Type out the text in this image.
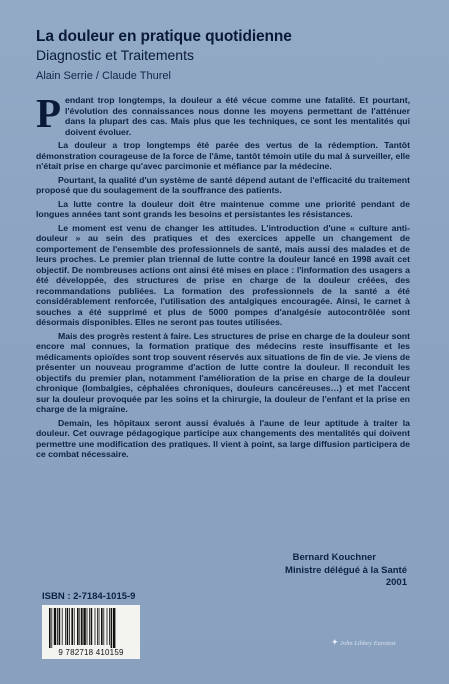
La douleur en pratique quotidienne
Diagnostic et Traitements
Alain Serrie / Claude Thurel

Pendant trop longtemps, la douleur a été vécue comme une fatalité. Et pourtant, l'évolution des connaissances nous donne les moyens permettant de l'atténuer dans la plupart des cas. Mais plus que les techniques, ce sont les mentalités qui doivent évoluer.

La douleur a trop longtemps été parée des vertus de la rédemption. Tantôt démonstration courageuse de la force de l'âme, tantôt témoin utile du mal à surveiller, elle n'était prise en charge qu'avec parcimonie et méfiance par la médecine.

Pourtant, la qualité d'un système de santé dépend autant de l'efficacité du traitement proposé que du soulagement de la souffrance des patients.

La lutte contre la douleur doit être maintenue comme une priorité pendant de longues années tant sont grands les besoins et persistantes les résistances.

Le moment est venu de changer les attitudes. L'introduction d'une « culture anti-douleur » au sein des pratiques et des exercices appelle un changement de comportement de l'ensemble des professionnels de santé, mais aussi des malades et de leurs proches. Le premier plan triennal de lutte contre la douleur lancé en 1998 avait cet objectif. De nombreuses actions ont ainsi été mises en place : l'information des usagers a été développée, des structures de prise en charge de la douleur créées, des recommandations publiées. La formation des professionnels de la santé a été considérablement renforcée, l'utilisation des antalgiques encouragée. Ainsi, le carnet à souches a été supprimé et plus de 5000 pompes d'analgésie autocontrôlée sont désormais disponibles. Elles ne seront pas toutes utilisées.

Mais des progrès restent à faire. Les structures de prise en charge de la douleur sont encore mal connues, la formation pratique des médecins reste insuffisante et les médicaments opioïdes sont trop souvent réservés aux situations de fin de vie. Je viens de présenter un nouveau programme d'action de lutte contre la douleur. Il reconduit les objectifs du premier plan, notamment l'amélioration de la prise en charge de la douleur chronique (lombalgies, céphalées chroniques, douleurs cancéreuses…) et met l'accent sur la douleur provoquée par les soins et la chirurgie, la douleur de l'enfant et la prise en charge de la migraine.

Demain, les hôpitaux seront aussi évalués à l'aune de leur aptitude à traiter la douleur. Cet ouvrage pédagogique participe aux changements des mentalités qui doivent permettre une modification des pratiques. Il vient à point, sa large diffusion participera de ce combat nécessaire.

Bernard Kouchner
Ministre délégué à la Santé
2001
ISBN : 2-7184-1015-9
9 782718 410159
✦ John Libbey Eurotext
